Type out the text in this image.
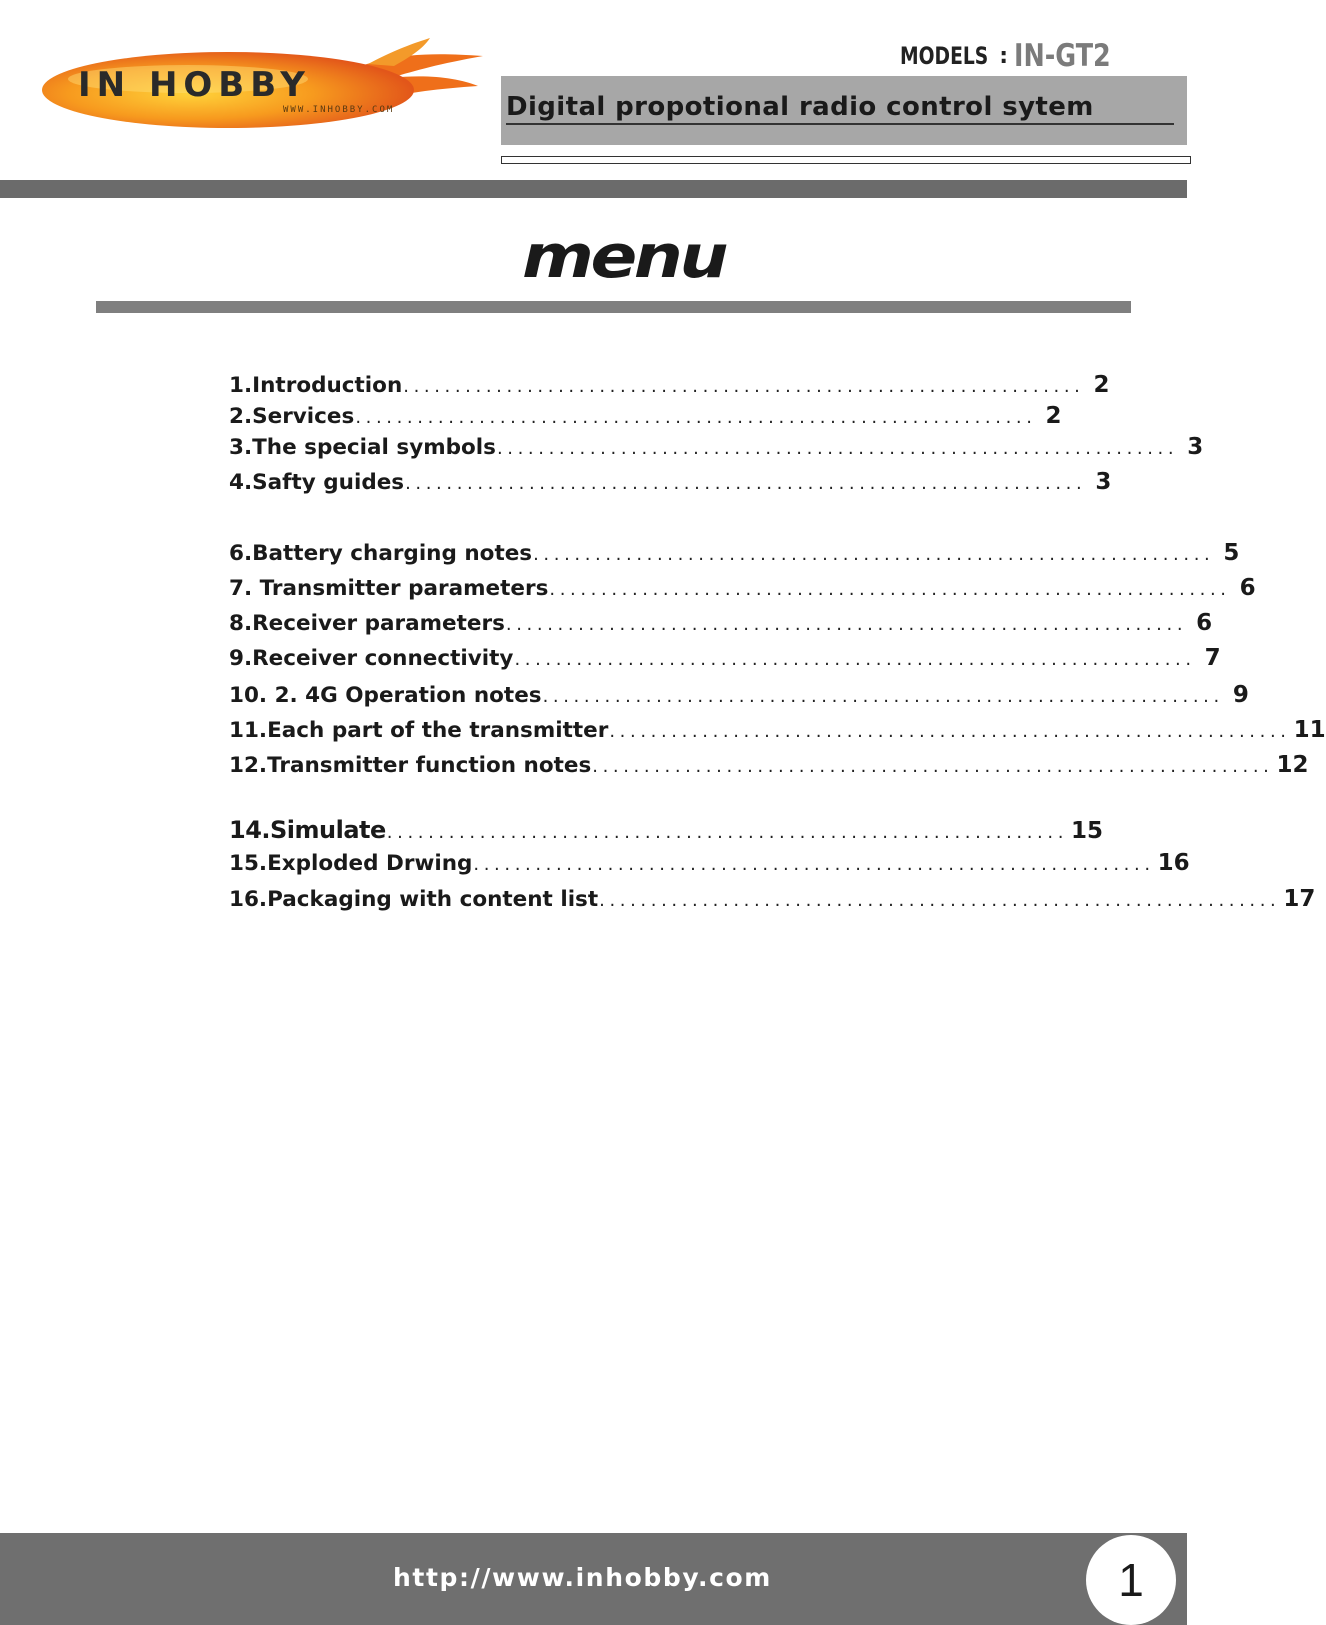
IN HOBBY
WWW.INHOBBY.COM
MODELS : IN-GT2
Digital propotional radio control sytem
menu
1.Introduction .................................................................. 2
2.Services .................................................................. 2
3.The special symbols .................................................................. 3
4.Safty guides .................................................................. 3
6.Battery charging notes .................................................................. 5
7. Transmitter parameters .................................................................. 6
8.Receiver parameters .................................................................. 6
9.Receiver connectivity .................................................................. 7
10. 2. 4G Operation notes .................................................................. 9
11.Each part of the transmitter .................................................................. 11
12.Transmitter function notes .................................................................. 12
14.Simulate .................................................................. 15
15.Exploded Drwing .................................................................. 16
16.Packaging with content list .................................................................. 17
http://www.inhobby.com	1
